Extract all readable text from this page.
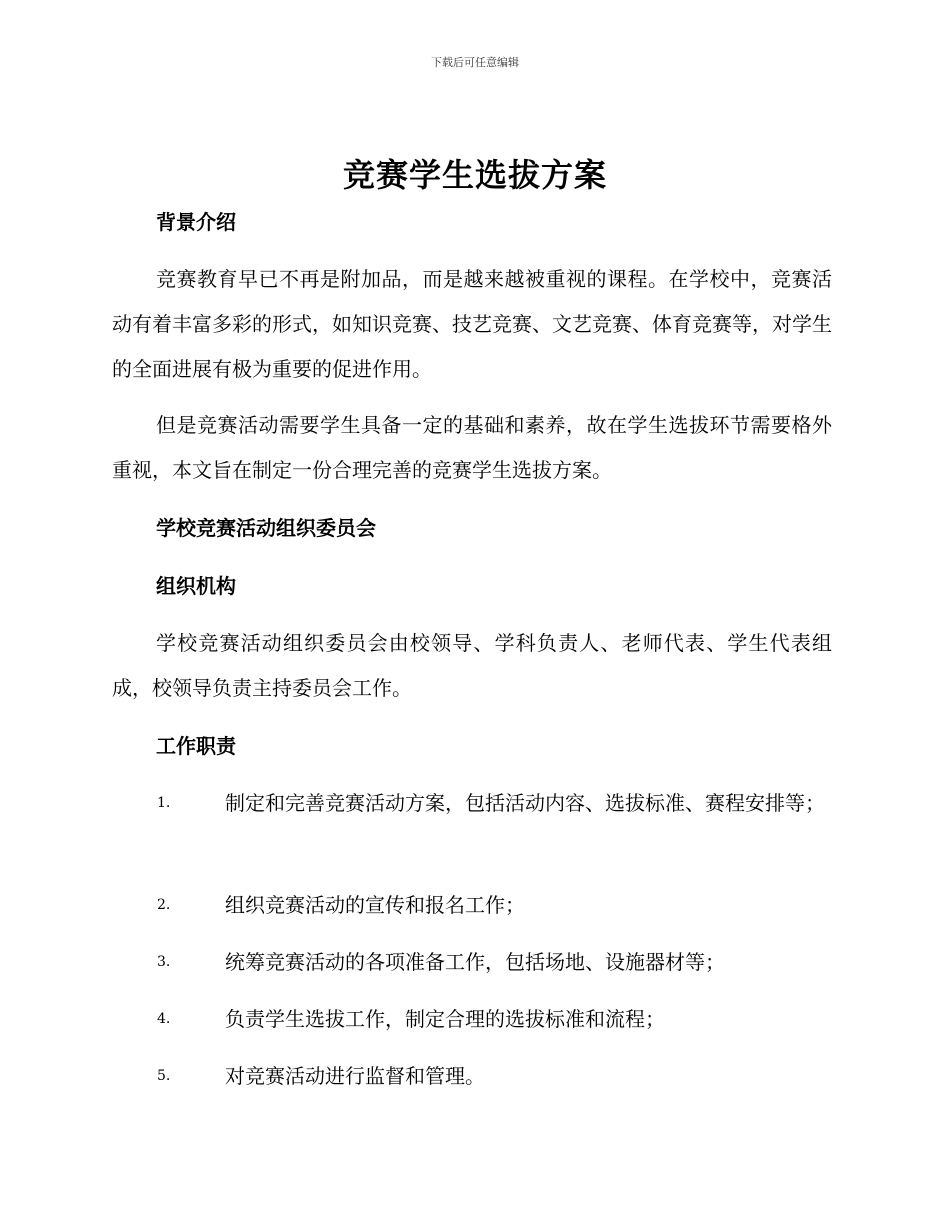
下载后可任意编辑
竞赛学生选拔方案
背景介绍
竞赛教育早已不再是附加品，而是越来越被重视的课程。在学校中，竞赛活动有着丰富多彩的形式，如知识竞赛、技艺竞赛、文艺竞赛、体育竞赛等，对学生的全面进展有极为重要的促进作用。
但是竞赛活动需要学生具备一定的基础和素养，故在学生选拔环节需要格外重视，本文旨在制定一份合理完善的竞赛学生选拔方案。
学校竞赛活动组织委员会
组织机构
学校竞赛活动组织委员会由校领导、学科负责人、老师代表、学生代表组成，校领导负责主持委员会工作。
工作职责
1.	制定和完善竞赛活动方案，包括活动内容、选拔标准、赛程安排等；
2.	组织竞赛活动的宣传和报名工作；
3.	统筹竞赛活动的各项准备工作，包括场地、设施器材等；
4.	负责学生选拔工作，制定合理的选拔标准和流程；
5.	对竞赛活动进行监督和管理。
